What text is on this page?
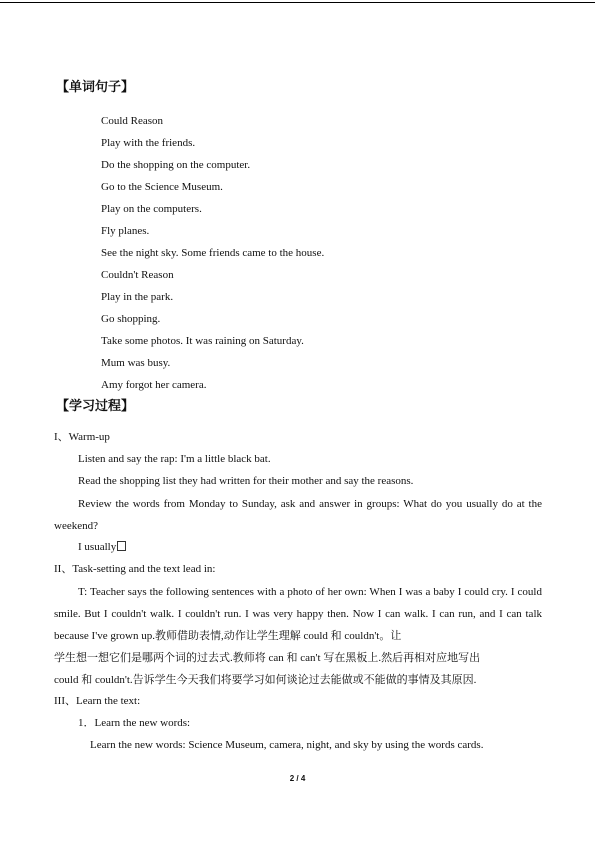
【单词句子】
Could Reason
Play with the friends.
Do the shopping on the computer.
Go to the Science Museum.
Play on the computers.
Fly planes.
See the night sky. Some friends came to the house.
Couldn't Reason
Play in the park.
Go shopping.
Take some photos. It was raining on Saturday.
Mum was busy.
Amy forgot her camera.
【学习过程】
I、Warm-up
Listen and say the rap: I'm a little black bat.
Read the shopping list they had written for their mother and say the reasons.

Review the words from Monday to Sunday, ask and answer in groups: What do you usually do at the weekend?

I usually
II、Task-setting and the text lead in:

T: Teacher says the following sentences with a photo of her own: When I was a baby I could cry. I could smile. But I couldn't walk. I couldn't run. I was very happy then. Now I can walk. I can run, and I can talk because I've grown up.教师借助表情,动作让学生理解 could 和 couldn't。让

学生想一想它们是哪两个词的过去式.教师将 can 和 can't 写在黑板上.然后再相对应地写出
could 和 couldn't.告诉学生今天我们将要学习如何谈论过去能做或不能做的事情及其原因.
III、Learn the text:
1．Learn the new words:
Learn the new words: Science Museum, camera, night, and sky by using the words cards.
2 / 4
